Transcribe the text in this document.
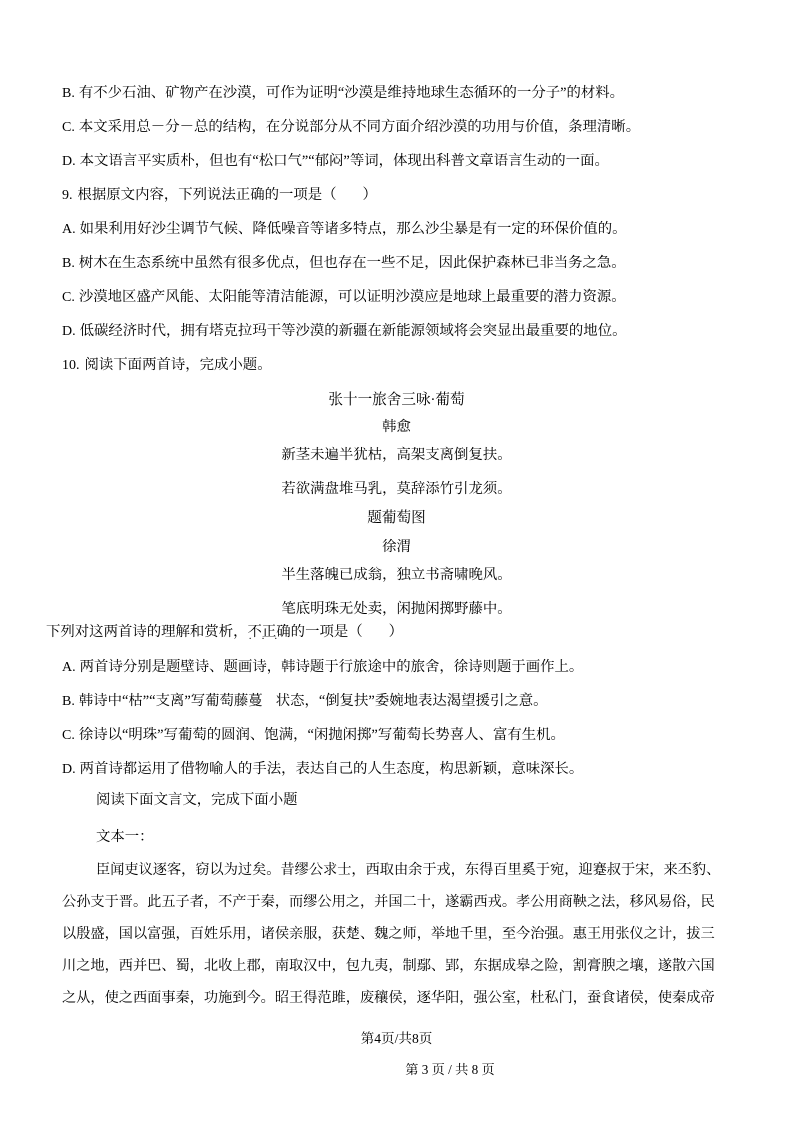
B. 有不少石油、矿物产在沙漠，可作为证明“沙漠是维持地球生态循环的一分子”的材料。
C. 本文采用总－分－总的结构，在分说部分从不同方面介绍沙漠的功用与价值，条理清晰。
D. 本文语言平实质朴，但也有“松口气”“郁闷”等词，体现出科普文章语言生动的一面。
9. 根据原文内容，下列说法正确的一项是（ ）
A. 如果利用好沙尘调节气候、降低噪音等诸多特点，那么沙尘暴是有一定的环保价值的。
B. 树木在生态系统中虽然有很多优点，但也存在一些不足，因此保护森林已非当务之急。
C. 沙漠地区盛产风能、太阳能等清洁能源，可以证明沙漠应是地球上最重要的潜力资源。
D. 低碳经济时代，拥有塔克拉玛干等沙漠的新疆在新能源领域将会突显出最重要的地位。
10. 阅读下面两首诗，完成小题。
张十一旅舍三咏·葡萄
韩愈
新茎未遍半犹枯，高架支离倒复扶。
若欲满盘堆马乳，莫辞添竹引龙须。
题葡萄图
徐渭
半生落魄已成翁，独立书斋啸晚风。
笔底明珠无处卖，闲抛闲掷野藤中。
下列对这两首诗的理解和赏析，不正确 · · ·的一项是（ ）
A. 两首诗分别是题壁诗、题画诗，韩诗题于行旅途中的旅舍，徐诗则题于画作上。
B. 韩诗中“枯”“支离”写葡萄藤蔓 状态，“倒复扶”委婉地表达渴望援引之意。
C. 徐诗以“明珠”写葡萄的圆润、饱满，“闲抛闲掷”写葡萄长势喜人、富有生机。
D. 两首诗都运用了借物喻人的手法，表达自己的人生态度，构思新颖，意味深长。
阅读下面文言文，完成下面小题
文本一：
臣闻吏议逐客，窃以为过矣。昔缪公求士，西取由余于戎，东得百里奚于宛，迎蹇叔于宋，来丕豹、
公孙支于晋。此五子者，不产于秦，而缪公用之，并国二十，遂霸西戎。孝公用商鞅之法，移风易俗，民
以殷盛，国以富强，百姓乐用，诸侯亲服，获楚、魏之师，举地千里，至今治强。惠王用张仪之计，拔三
川之地，西并巴、蜀，北收上郡，南取汉中，包九夷，制鄢、郢，东据成皋之险，割膏腴之壤，遂散六国
之从，使之西面事秦，功施到今。昭王得范雎，废穰侯，逐华阳，强公室，杜私门，蚕食诸侯，使秦成帝
第4页/共8页
第 3 页 / 共 8 页
